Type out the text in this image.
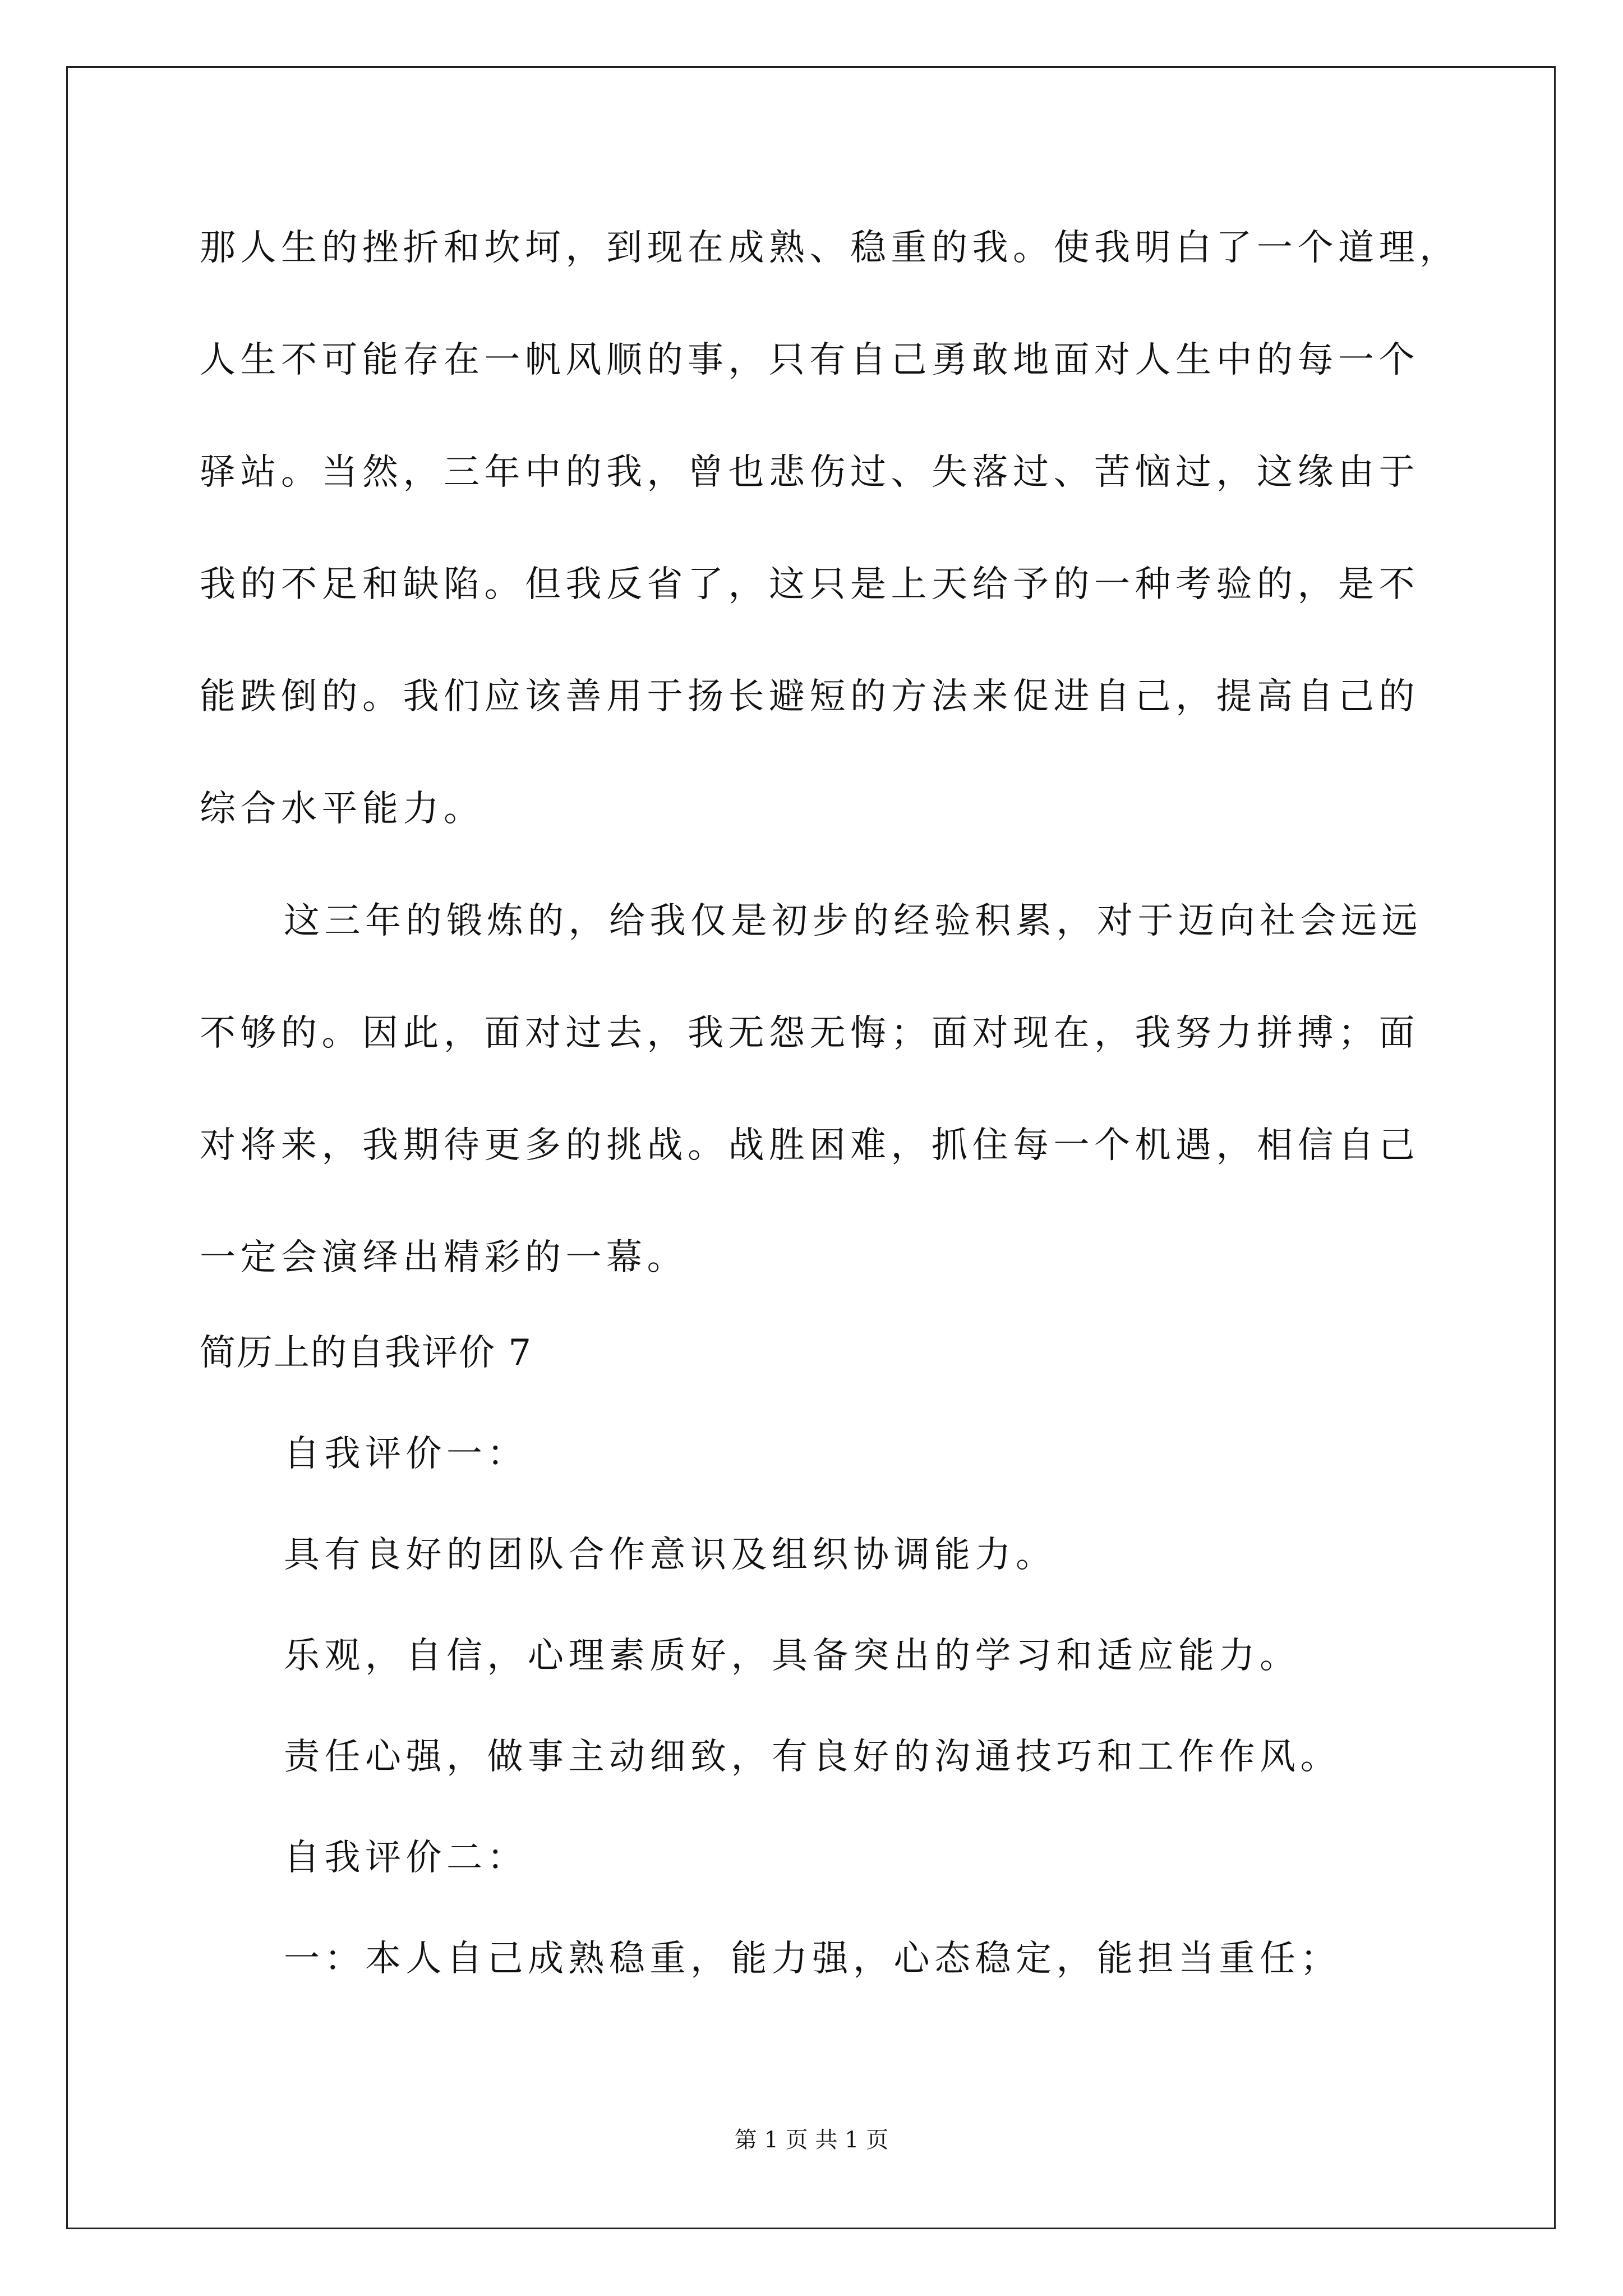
那人生的挫折和坎坷，到现在成熟、稳重的我。使我明白了一个道理，
人生不可能存在一帆风顺的事，只有自己勇敢地面对人生中的每一个
驿站。当然，三年中的我，曾也悲伤过、失落过、苦恼过，这缘由于
我的不足和缺陷。但我反省了，这只是上天给予的一种考验的，是不
能跌倒的。我们应该善用于扬长避短的方法来促进自己，提高自己的
综合水平能力。
这三年的锻炼的，给我仅是初步的经验积累，对于迈向社会远远
不够的。因此，面对过去，我无怨无悔；面对现在，我努力拼搏；面
对将来，我期待更多的挑战。战胜困难，抓住每一个机遇，相信自己
一定会演绎出精彩的一幕。
简历上的自我评价 7
自我评价一：
具有良好的团队合作意识及组织协调能力。
乐观，自信，心理素质好，具备突出的学习和适应能力。
责任心强，做事主动细致，有良好的沟通技巧和工作作风。
自我评价二：
一：本人自己成熟稳重，能力强，心态稳定，能担当重任；
第 1 页 共 1 页
